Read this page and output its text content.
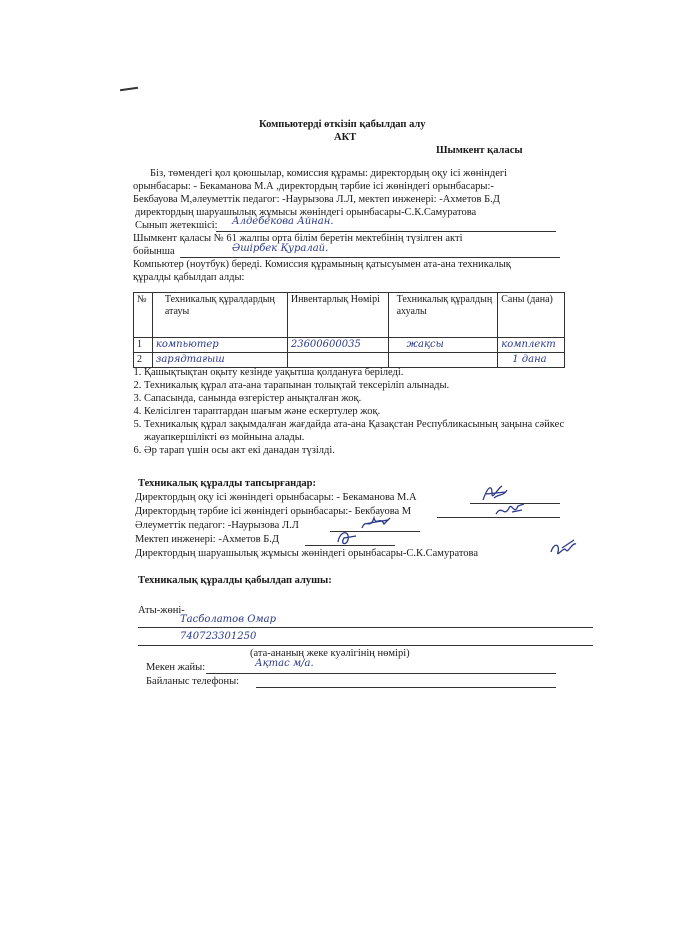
Компьютерді өткізіп қабылдап алу
АКТ
Шымкент қаласы
Біз, төмендегі қол қоюшылар, комиссия құрамы: директордың оқу ісі жөніндегі
орынбасары: - Бекаманова М.А ,директордың тәрбие ісі жөніндегі орынбасары:-
Бекбауова М,әлеуметтік педагог: -Наурызова Л.Л, мектеп инженері: -Ахметов Б.Д
директордың шаруашылық жұмысы жөніндегі орынбасары-С.К.Самуратова
Сынып жетекшісі: Алдебекова Айнан.
Шымкент қаласы № 61 жалпы орта білім беретін мектебінің түзілген акті
бойынша	Әшірбек Қуралай.
Компьютер (ноутбук) береді. Комиссия құрамының қатысуымен ата-ана техникалық
құралды қабылдап алды:
№	Техникалық құралдардың атауы	Инвентарлық Нөмірі	Техникалық құралдың ахуалы	Саны (дана)
1	компьютер	23600600035	жақсы	комплект
2	зарядтағыш			1 дана
1. Қашықтықтан оқыту кезінде уақытша қолдануға беріледі.
2. Техникалық құрал ата-ана тарапынан толықтай тексеріліп алынады.
3. Сапасында, санында өзгерістер анықталған жоқ.
4. Келісілген тараптардан шағым және ескертулер жоқ.
5. Техникалық құрал зақымдалған жағдайда ата-ана Қазақстан Республикасының заңына сәйкес жауапкершілікті өз мойнына алады.
6. Әр тарап үшін осы акт екі данадан түзілді.
Техникалық құралды тапсырғандар:
Директордың оқу ісі жөніндегі орынбасары: - Бекаманова М.А
Директордың тәрбие ісі жөніндегі орынбасары:- Бекбауова М
Әлеуметтік педагог: -Наурызова Л.Л
Мектеп инженері: -Ахметов Б.Д
Директордың шаруашылық жұмысы жөніндегі орынбасары-С.К.Самуратова
Техникалық құралды қабылдап алушы:
Аты-жөні-
Тасболатов Омар
740723301250
(ата-ананың жеке куәлігінің нөмірі)
Мекен жайы:	Ақтас м/а.
Байланыс телефоны:
